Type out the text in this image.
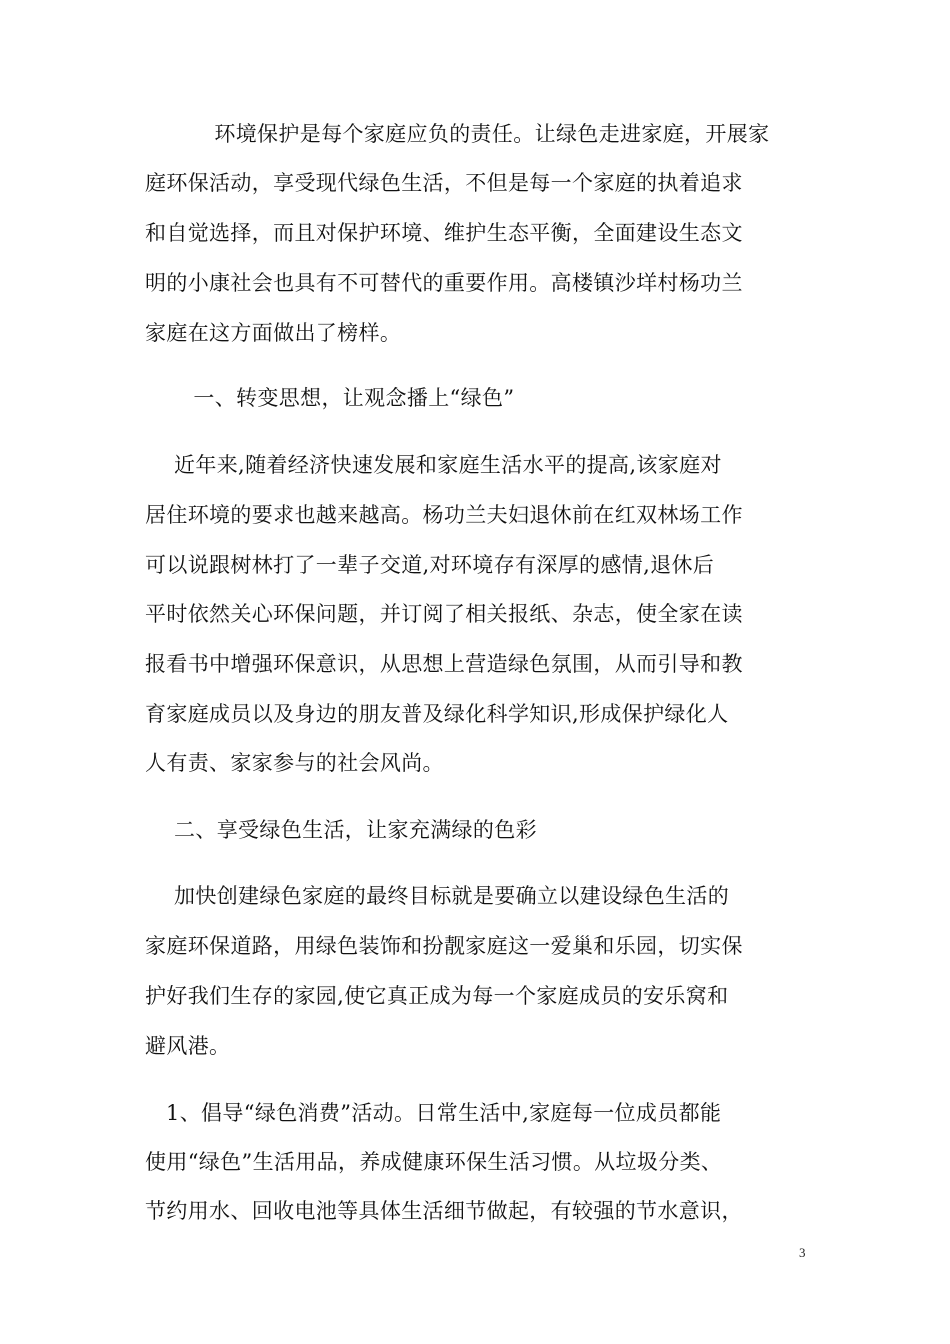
　环境保护是每个家庭应负的责任。让绿色走进家庭，开展家
庭环保活动，享受现代绿色生活，不但是每一个家庭的执着追求
和自觉选择，而且对保护环境、维护生态平衡，全面建设生态文
明的小康社会也具有不可替代的重要作用。高楼镇沙垟村杨功兰
家庭在这方面做出了榜样。
　一、转变思想，让观念播上“绿色”
近年来,随着经济快速发展和家庭生活水平的提高,该家庭对
居住环境的要求也越来越高。杨功兰夫妇退休前在红双林场工作
可以说跟树林打了一辈子交道,对环境存有深厚的感情,退休后
平时依然关心环保问题，并订阅了相关报纸、杂志，使全家在读
报看书中增强环保意识，从思想上营造绿色氛围，从而引导和教
育家庭成员以及身边的朋友普及绿化科学知识,形成保护绿化人
人有责、家家参与的社会风尚。
二、享受绿色生活，让家充满绿的色彩
加快创建绿色家庭的最终目标就是要确立以建设绿色生活的
家庭环保道路，用绿色装饰和扮靓家庭这一爱巢和乐园，切实保
护好我们生存的家园,使它真正成为每一个家庭成员的安乐窝和
避风港。
1、倡导“绿色消费”活动。日常生活中,家庭每一位成员都能
使用“绿色”生活用品，养成健康环保生活习惯。从垃圾分类、
节约用水、回收电池等具体生活细节做起，有较强的节水意识，
3
